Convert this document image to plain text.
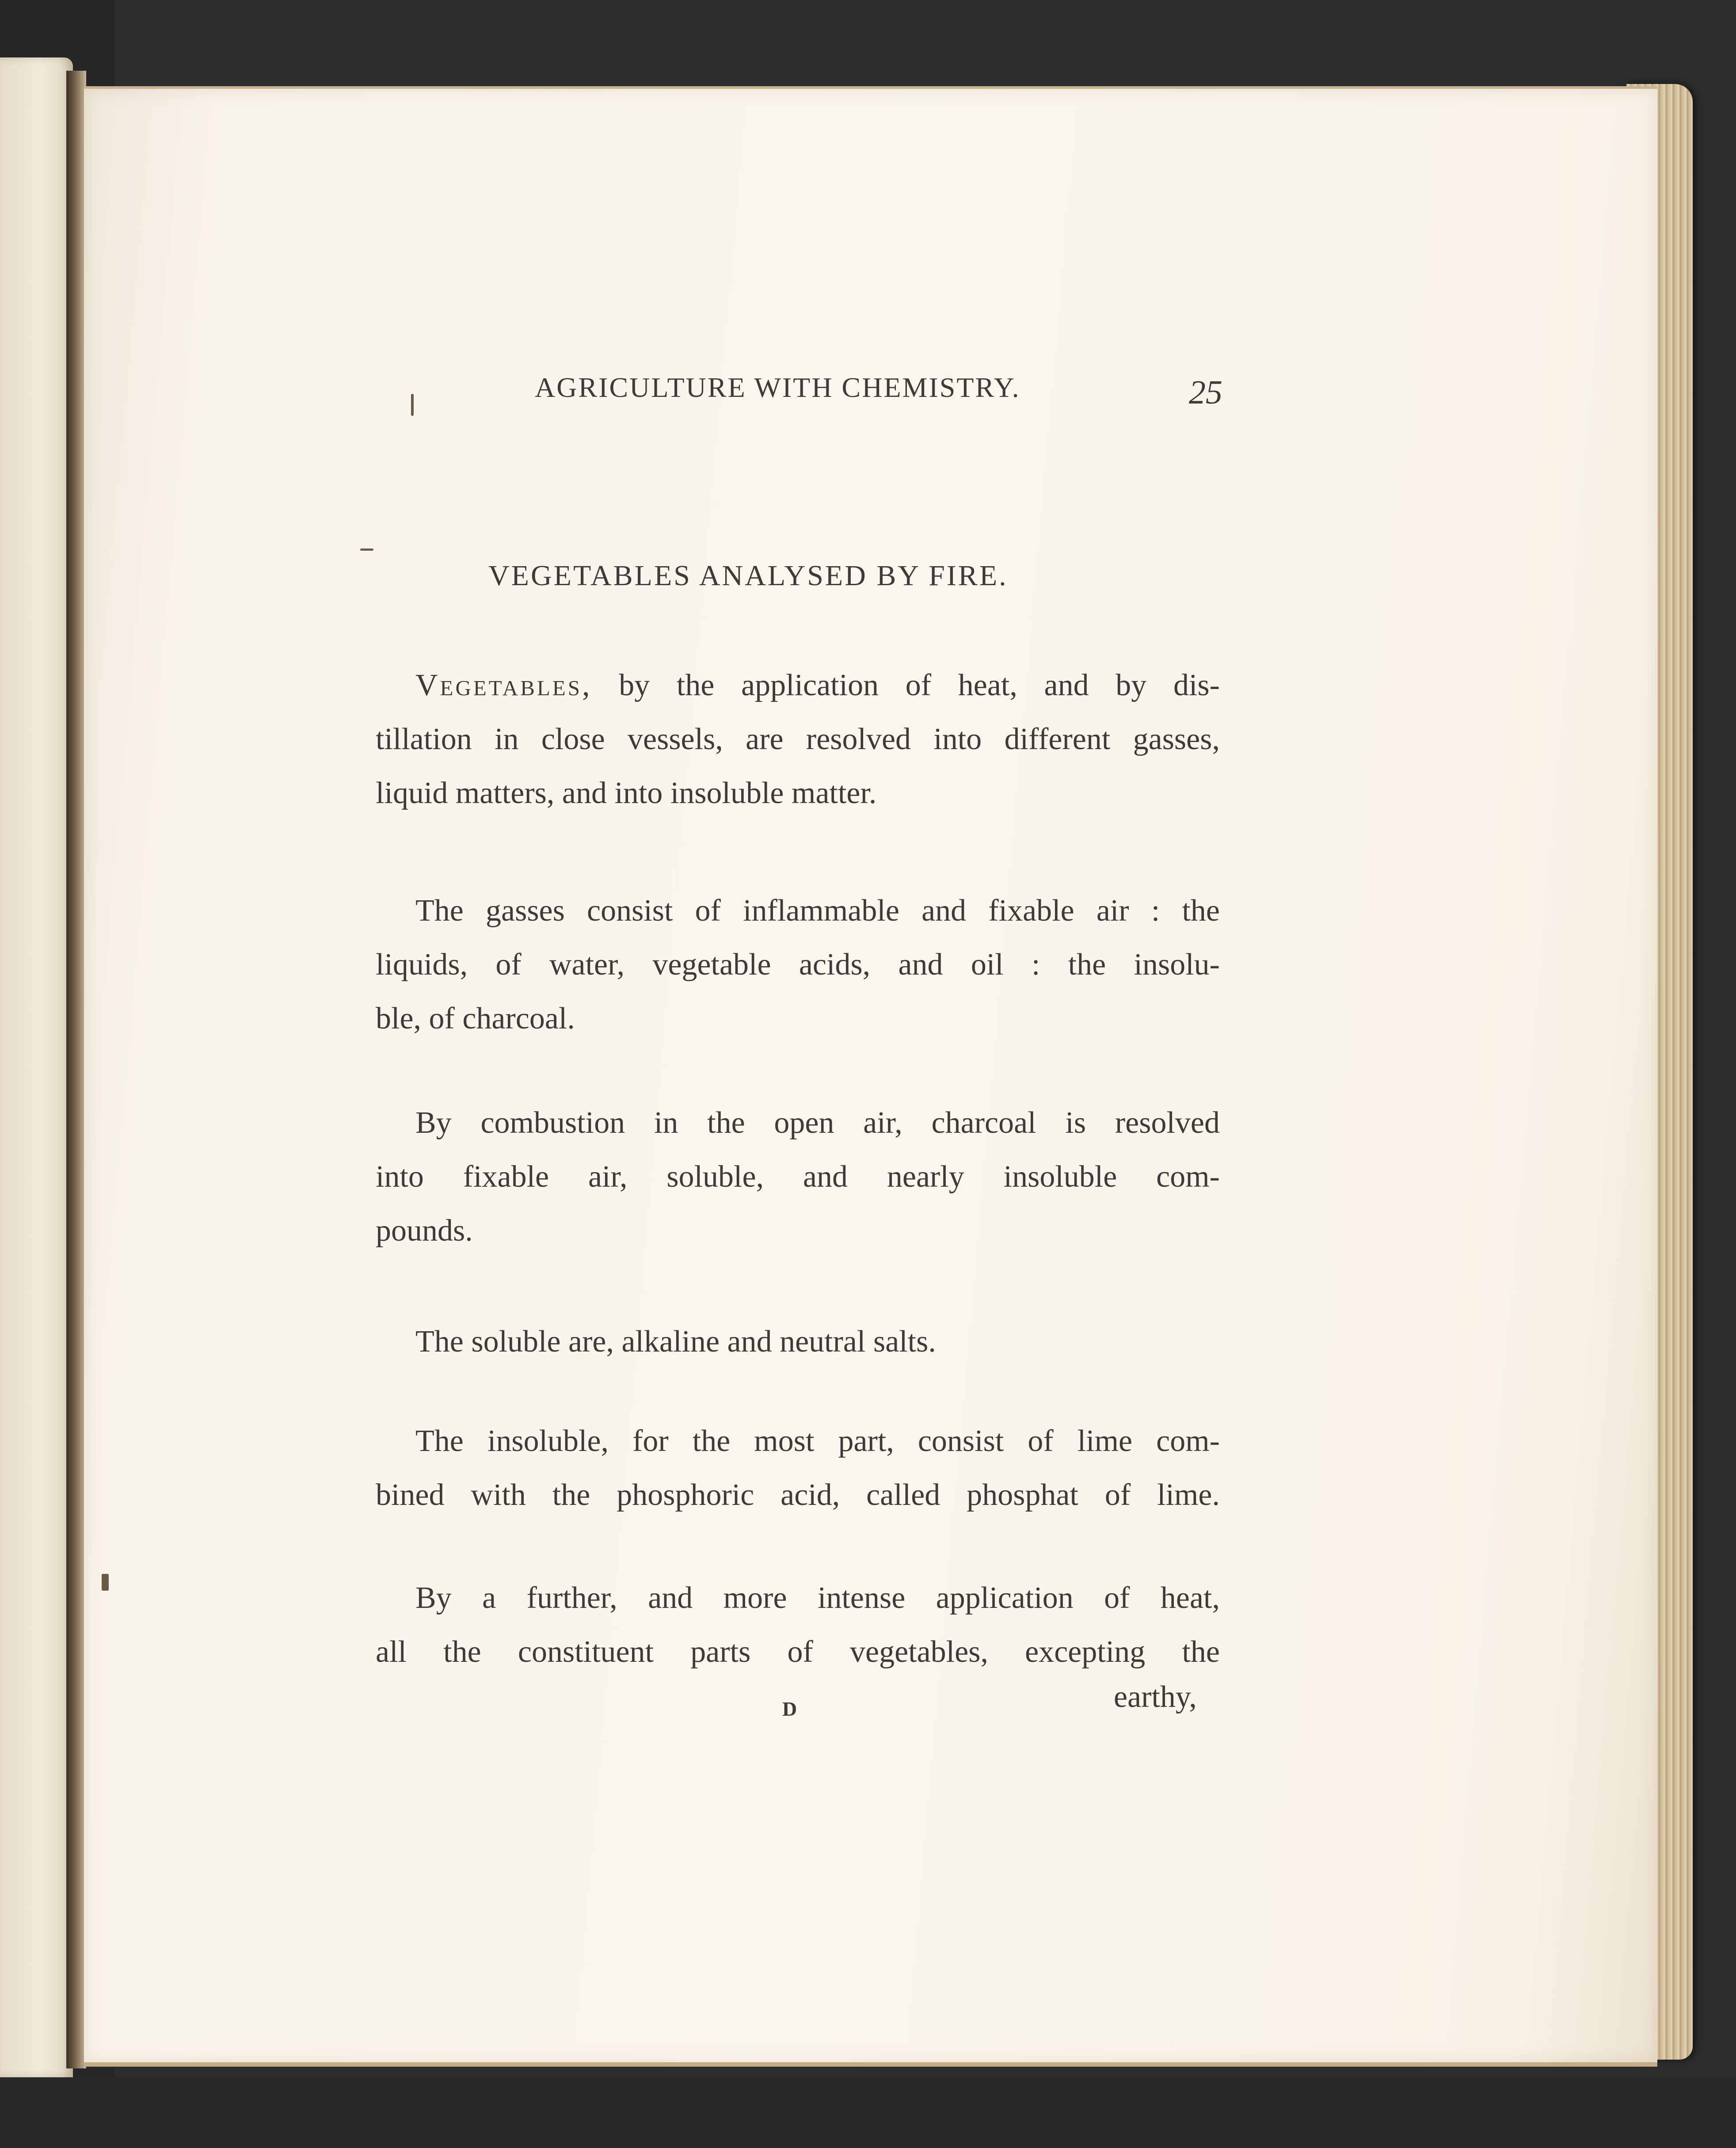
AGRICULTURE WITH CHEMISTRY.	25
VEGETABLES ANALYSED BY FIRE.
Vegetables, by the application of heat, and by dis-
tillation in close vessels, are resolved into different gasses,
liquid matters, and into insoluble matter.
The gasses consist of inflammable and fixable air : the
liquids, of water, vegetable acids, and oil : the insolu-
ble, of charcoal.
By combustion in the open air, charcoal is resolved
into fixable air, soluble, and nearly insoluble com-
pounds.
The soluble are, alkaline and neutral salts.
The insoluble, for the most part, consist of lime com-
bined with the phosphoric acid, called phosphat of lime.
By a further, and more intense application of heat,
all the constituent parts of vegetables, excepting the
D	earthy,
